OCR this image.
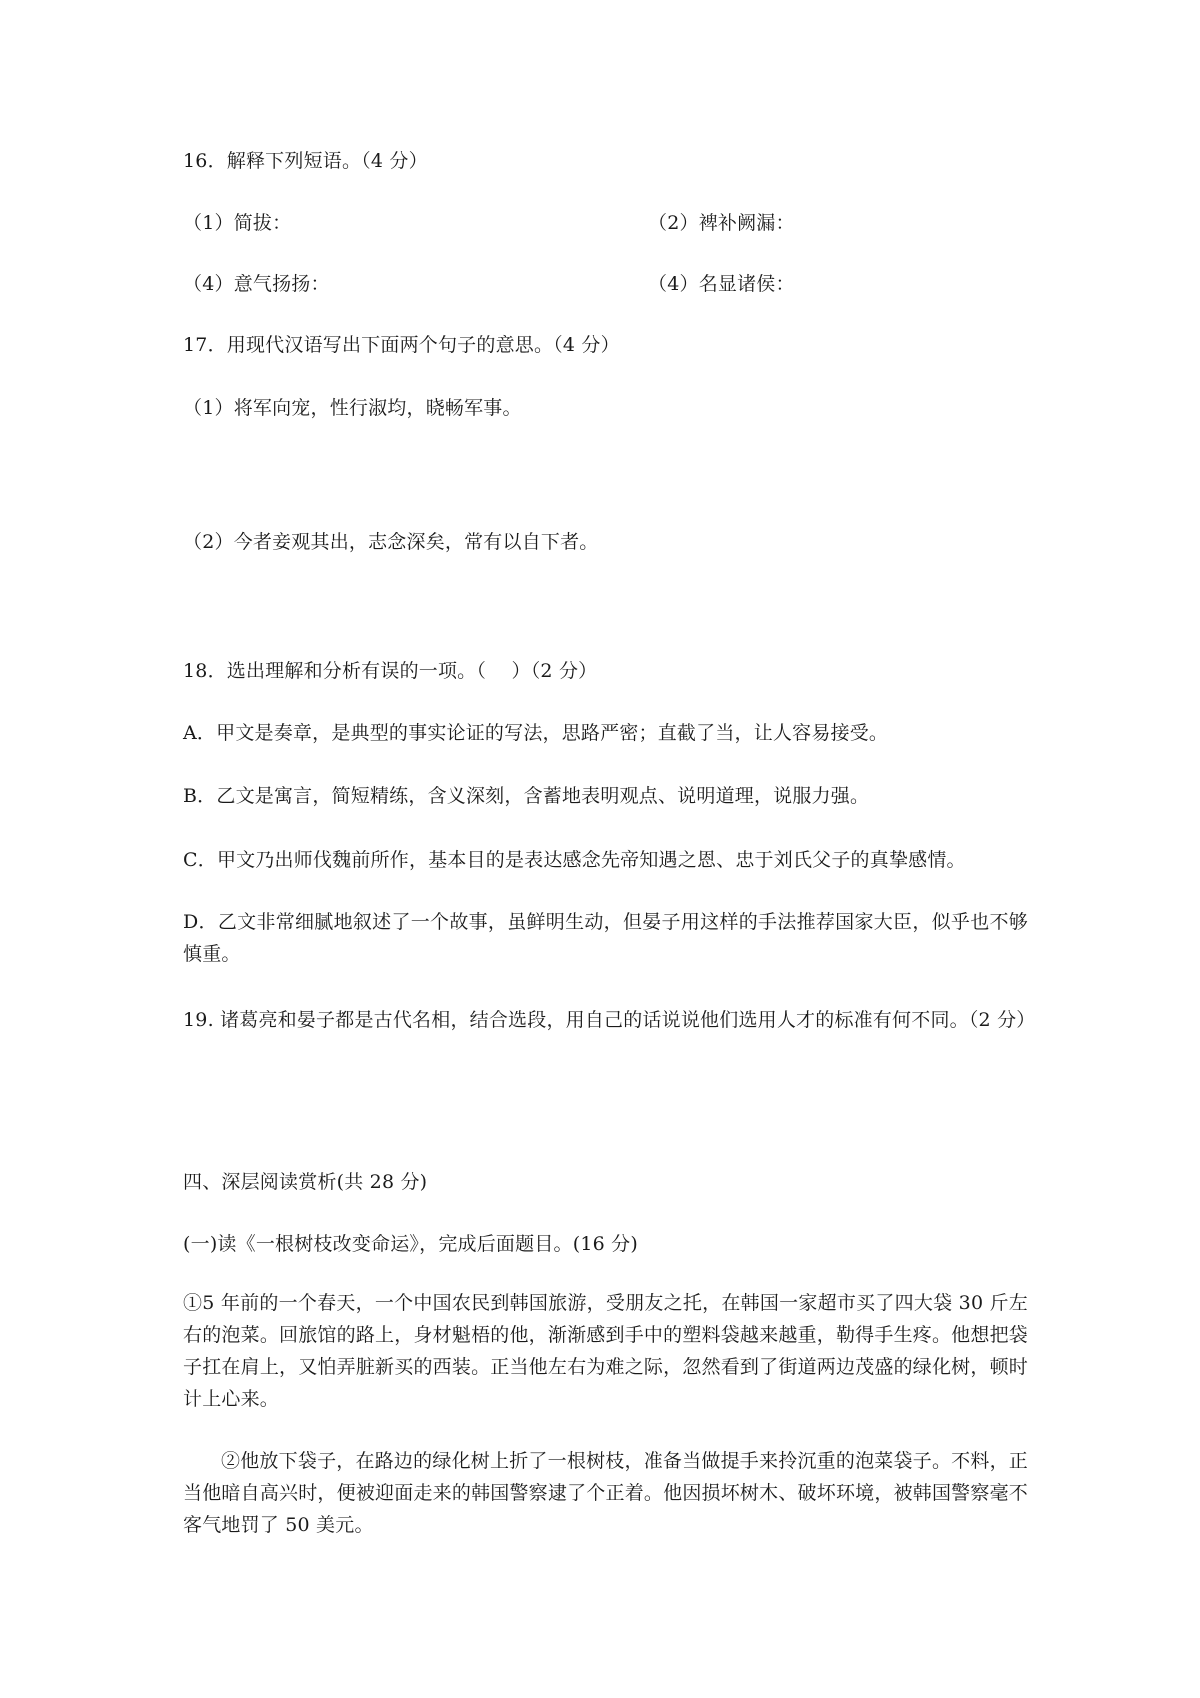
16．解释下列短语。（4 分）
（1）简拔：	（2）裨补阙漏：
（4）意气扬扬：	（4）名显诸侯：
17．用现代汉语写出下面两个句子的意思。（4 分）
（1）将军向宠，性行淑均，晓畅军事。
（2）今者妾观其出，志念深矣，常有以自下者。
18．选出理解和分析有误的一项。（　 ）（2 分）
A．甲文是奏章，是典型的事实论证的写法，思路严密；直截了当，让人容易接受。
B．乙文是寓言，简短精练，含义深刻，含蓄地表明观点、说明道理，说服力强。
C．甲文乃出师伐魏前所作，基本目的是表达感念先帝知遇之恩、忠于刘氏父子的真挚感情。
D．乙文非常细腻地叙述了一个故事，虽鲜明生动，但晏子用这样的手法推荐国家大臣，似乎也不够慎重。
19. 诸葛亮和晏子都是古代名相，结合选段，用自己的话说说他们选用人才的标准有何不同。（2 分）
四、深层阅读赏析(共 28 分)
(一)读《一根树枝改变命运》，完成后面题目。(16 分)
①5 年前的一个春天，一个中国农民到韩国旅游，受朋友之托，在韩国一家超市买了四大袋 30 斤左右的泡菜。回旅馆的路上，身材魁梧的他，渐渐感到手中的塑料袋越来越重，勒得手生疼。他想把袋子扛在肩上，又怕弄脏新买的西装。正当他左右为难之际，忽然看到了街道两边茂盛的绿化树，顿时计上心来。
②他放下袋子，在路边的绿化树上折了一根树枝，准备当做提手来拎沉重的泡菜袋子。不料，正当他暗自高兴时，便被迎面走来的韩国警察逮了个正着。他因损坏树木、破坏环境，被韩国警察毫不客气地罚了 50 美元。
